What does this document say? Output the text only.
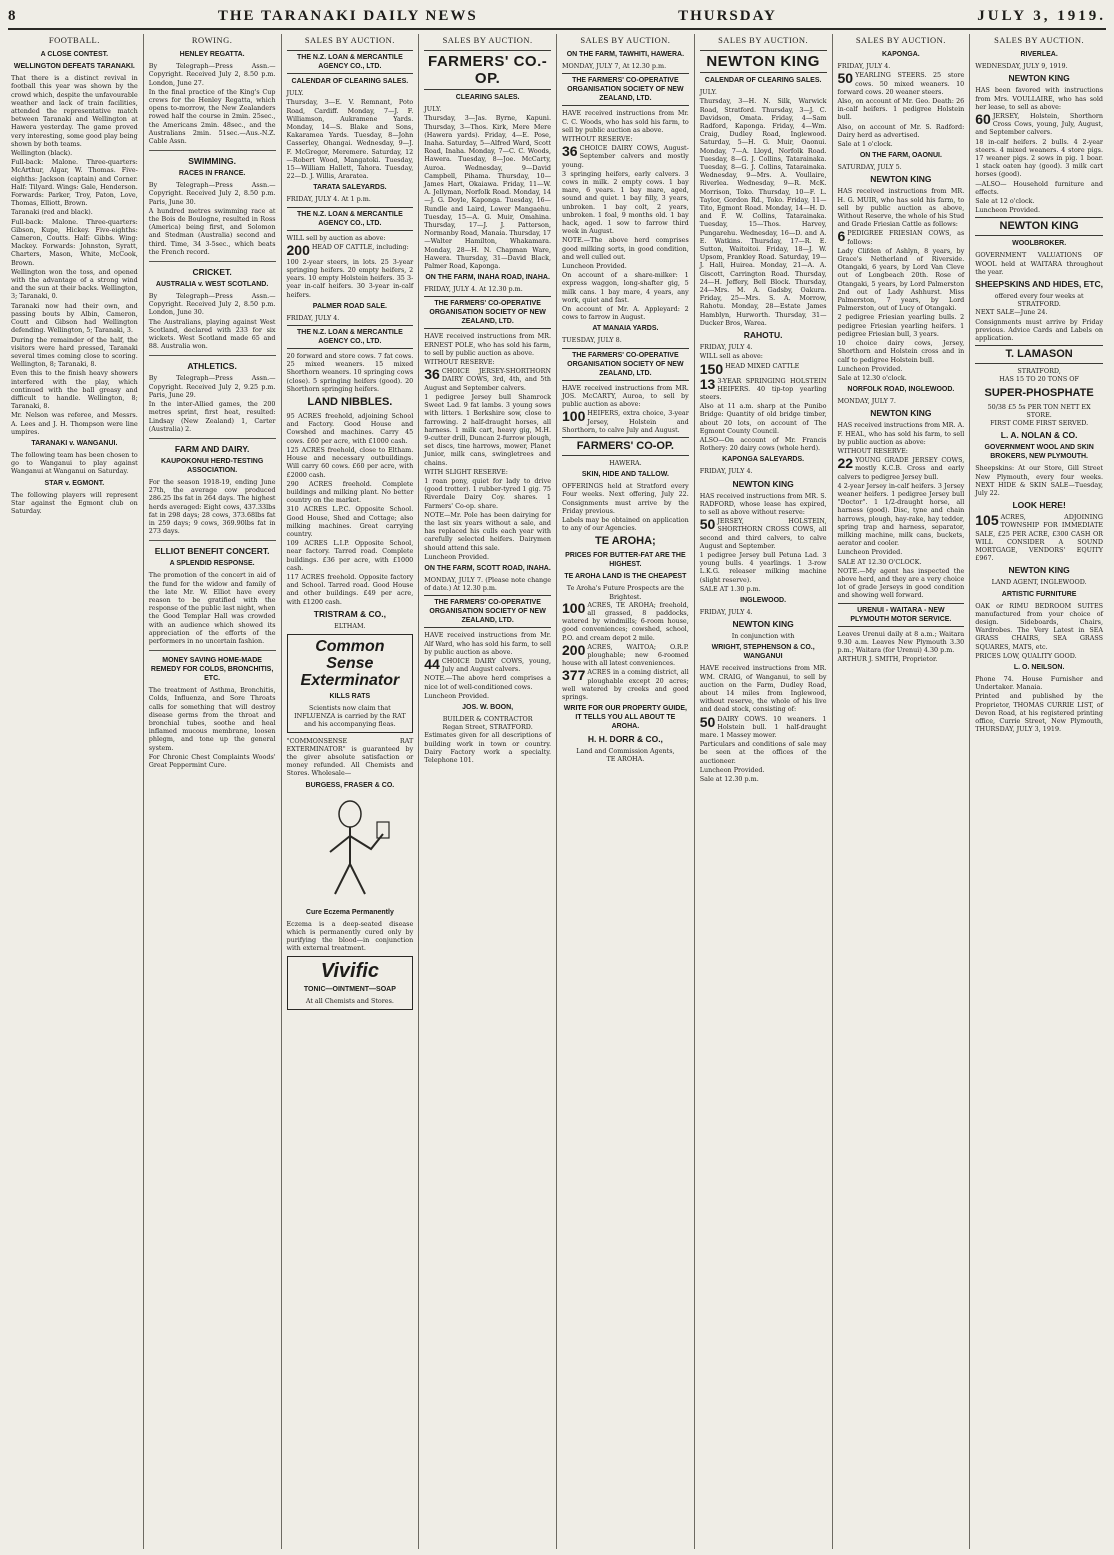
8	THE TARANAKI DAILY NEWS	THURSDAY	JULY 3, 1919.
FOOTBALL.
A CLOSE CONTEST.
WELLINGTON DEFEATS TARANAKI.

That there is a distinct revival in football this year was shown by the crowd which, despite the unfavourable weather and lack of train facilities, attended the representative match between Taranaki and Wellington at Hawera yesterday. The game proved very interesting, some good play being shown by both teams.

Wellington (black).

Full-back: Malone. Three-quarters: McArthur, Algar, W. Thomas. Five-eighths: Jackson (captain) and Corner. Half: Tilyard. Wings: Gale, Henderson. Forwards: Parker, Troy, Paton, Love, Thomas, Elliott, Brown.

Taranaki (red and black).

Full-back: Malone. Three-quarters: Gibson, Kupe, Hickey. Five-eighths: Cameron, Coutts. Half: Gibbs. Wing: Mackey. Forwards: Johnston, Syratt, Charters, Mason, White, McCook, Brown.

Wellington won the toss, and opened with the advantage of a strong wind and the sun at their backs. Wellington, 3; Taranaki, 0.

Taranaki now had their own, and passing bouts by Albin, Cameron, Coutt and Gibson had Wellington defending. Wellington, 5; Taranaki, 3.

During the remainder of the half, the visitors were hard pressed, Taranaki several times coming close to scoring. Wellington, 8; Taranaki, 8.

Even this to the finish heavy showers interfered with the play, which continued with the ball greasy and difficult to handle. Wellington, 8; Taranaki, 8.

Mr. Nelson was referee, and Messrs. A. Lees and J. H. Thompson were line umpires.

TARANAKI v. WANGANUI.

The following team has been chosen to go to Wanganui to play against Wanganui at Wanganui on Saturday.

STAR v. EGMONT.

The following players will represent Star against the Egmont club on Saturday.

ROWING.
HENLEY REGATTA.

By Telegraph—Press Assn.—Copyright. Received July 2, 8.50 p.m. London, June 27.

In the final practice of the King's Cup crews for the Henley Regatta, which opens to-morrow, the New Zealanders rowed half the course in 2min. 25sec., the Americans 2min. 48sec., and the Australians 2min. 51sec.—Aus.-N.Z. Cable Assn.

SWIMMING.
RACES IN FRANCE.

By Telegraph—Press Assn.—Copyright. Received July 2, 8.50 p.m. Paris, June 30.

A hundred metres swimming race at the Bois de Boulogne, resulted in Ross (America) being first, and Solomon and Stedman (Australia) second and third. Time, 34 3-5sec., which beats the French record.

CRICKET.
AUSTRALIA v. WEST SCOTLAND.

By Telegraph—Press Assn.—Copyright. Received July 2, 8.50 p.m. London, June 30.

The Australians, playing against West Scotland, declared with 233 for six wickets. West Scotland made 65 and 88. Australia won.

ATHLETICS.

By Telegraph—Press Assn.—Copyright. Received July 2, 9.25 p.m. Paris, June 29.

In the inter-Allied games, the 200 metres sprint, first heat, resulted: Lindsay (New Zealand) 1, Carter (Australia) 2.

FARM AND DAIRY.
KAUPOKONUI HERD-TESTING ASSOCIATION.

For the season 1918-19, ending June 27th, the average cow produced 286.25 lbs fat in 264 days. The highest herds averaged: Eight cows, 437.33lbs fat in 298 days; 28 cows, 373.68lbs fat in 259 days; 9 cows, 369.90lbs fat in 273 days.

ELLIOT BENEFIT CONCERT.
A SPLENDID RESPONSE.

The promotion of the concert in aid of the fund for the widow and family of the late Mr. W. Elliot have every reason to be gratified with the response of the public last night, when the Good Templar Hall was crowded with an audience which showed its appreciation of the efforts of the performers in no uncertain fashion.

MONEY SAVING HOME-MADE REMEDY FOR COLDS, BRONCHITIS, ETC.

The treatment of Asthma, Bronchitis, Colds, Influenza, and Sore Throats calls for something that will destroy disease germs from the throat and bronchial tubes, soothe and heal inflamed mucous membrane, loosen phlegm, and tone up the general system.

For Chronic Chest Complaints Woods' Great Peppermint Cure.

SALES BY AUCTION.
THE N.Z. LOAN & MERCANTILE AGENCY CO., LTD.
CALENDAR OF CLEARING SALES.

JULY.

Thursday, 3—E. V. Remnant, Poto Road, Cardiff. Monday, 7—J. F. Williamson, Aukramene Yards. Monday, 14—S. Blake and Sons, Kakaramea Yards. Tuesday, 8—John Casserley, Ohangai. Wednesday, 9—J. F. McGregor, Meremere. Saturday, 12—Robert Wood, Mangatoki. Tuesday, 15—William Hallett, Tahora. Tuesday, 22—D. J. Willis, Araratea.

TARATA SALEYARDS.

FRIDAY, JULY 4. At 1 p.m.

THE N.Z. LOAN & MERCANTILE AGENCY CO., LTD.

WILL sell by auction as above:

200 HEAD OF CATTLE, including:

100 2-year steers, in lots. 25 3-year springing heifers. 20 empty heifers, 2 years. 10 empty Holstein heifers. 35 3-year in-calf heifers. 30 3-year in-calf heifers.

PALMER ROAD SALE.

FRIDAY, JULY 4.

THE N.Z. LOAN & MERCANTILE AGENCY CO., LTD.

20 forward and store cows. 7 fat cows. 25 mixed weaners. 15 mixed Shorthorn weaners. 10 springing cows (close). 5 springing heifers (good). 20 Shorthorn springing heifers.

LAND NIBBLES.

95 ACRES freehold, adjoining School and Factory. Good House and Cowshed and machines. Carry 45 cows. £60 per acre, with £1000 cash.

125 ACRES freehold, close to Eltham. House and necessary outbuildings. Will carry 60 cows. £60 per acre, with £2000 cash.

290 ACRES freehold. Complete buildings and milking plant. No better country on the market.

310 ACRES L.P.C. Opposite School. Good House, Shed and Cottage; also milking machines. Great carrying country.

109 ACRES L.I.P. Opposite School, near factory. Tarred road. Complete buildings. £36 per acre, with £1000 cash.

117 ACRES freehold. Opposite factory and School. Tarred road. Good House and other buildings. £49 per acre, with £1200 cash.

TRISTRAM & CO.,

ELTHAM.

Common Sense Exterminator
KILLS RATS

Scientists now claim that INFLUENZA is carried by the RAT and his accompanying fleas.

"COMMONSENSE RAT EXTERMINATOR" is guaranteed by the giver absolute satisfaction or money refunded. All Chemists and Stores. Wholesale—

BURGESS, FRASER & CO.
Cure Eczema Permanently

Eczema is a deep-seated disease which is permanently cured only by purifying the blood—in conjunction with external treatment.

Vivific
TONIC—OINTMENT—SOAP

At all Chemists and Stores.

SALES BY AUCTION.
FARMERS' CO.-OP.
CLEARING SALES.

JULY.

Thursday, 3—Jas. Byrne, Kapuni. Thursday, 3—Thos. Kirk, Mere Mere (Hawera yards). Friday, 4—E. Pose, Inaha. Saturday, 5—Alfred Ward, Scott Road, Inaha. Monday, 7—C. C. Woods, Hawera. Tuesday, 8—Joe. McCarty, Auroa. Wednesday, 9—David Campbell, Pihama. Thursday, 10—James Hart, Okaiawa. Friday, 11—W. A. Jellyman, Norfolk Road. Monday, 14—J. G. Doyle, Kaponga. Tuesday, 16—Rundle and Laird, Lower Mangaehu. Tuesday, 15—A. G. Muir, Omahina. Thursday, 17—J. J. Patterson, Normanby Road, Manaia. Thursday, 17—Walter Hamilton, Whakamara. Monday, 28—H. N. Chapman Ware, Hawera. Thursday, 31—David Black, Palmer Road, Kaponga.

ON THE FARM, INAHA ROAD, INAHA.

FRIDAY, JULY 4. At 12.30 p.m.

THE FARMERS' CO-OPERATIVE ORGANISATION SOCIETY OF NEW ZEALAND, LTD.

HAVE received instructions from MR. ERNEST POLE, who has sold his farm, to sell by public auction as above.

WITHOUT RESERVE:

36 CHOICE JERSEY-SHORTHORN DAIRY COWS, 3rd, 4th, and 5th August and September calvers.

1 pedigree Jersey bull Shamrock Sweet Lad. 9 fat lambs. 3 young sows with litters. 1 Berkshire sow, close to farrowing. 2 half-draught horses, all harness. 1 milk cart, heavy gig, M.H. 9-cutter drill, Duncan 2-furrow plough, set discs, tine harrows, mower, Planet Junior, milk cans, swingletrees and chains.

WITH SLIGHT RESERVE:

1 roan pony, quiet for lady to drive (good trotter). 1 rubber-tyred 1 gig. 75 Riverdale Dairy Coy. shares. 1 Farmers' Co-op. share.

NOTE—Mr. Pole has been dairying for the last six years without a sale, and has replaced his culls each year with carefully selected heifers. Dairymen should attend this sale.

Luncheon Provided.

ON THE FARM, SCOTT ROAD, INAHA.

MONDAY, JULY 7. (Please note change of date.) At 12.30 p.m.

THE FARMERS' CO-OPERATIVE ORGANISATION SOCIETY OF NEW ZEALAND, LTD.

HAVE received instructions from Mr. Alf Ward, who has sold his farm, to sell by public auction as above.

44 CHOICE DAIRY COWS, young, July and August calvers.

NOTE.—The above herd comprises a nice lot of well-conditioned cows.

Luncheon Provided.

JOS. W. BOON,

BUILDER & CONTRACTOR

Regan Street, STRATFORD.

Estimates given for all descriptions of building work in town or country. Dairy Factory work a specialty. Telephone 101.

SALES BY AUCTION.
ON THE FARM, TAWHITI, HAWERA.

MONDAY, JULY 7, At 12.30 p.m.

THE FARMERS' CO-OPERATIVE ORGANISATION SOCIETY OF NEW ZEALAND, LTD.

HAVE received instructions from Mr. C. C. Woods, who has sold his farm, to sell by public auction as above.

WITHOUT RESERVE:

36 CHOICE DAIRY COWS, August-September calvers and mostly young.

3 springing heifers, early calvers. 3 cows in milk. 2 empty cows. 1 bay mare, 6 years. 1 bay mare, aged, sound and quiet. 1 bay filly, 3 years, unbroken. 1 bay colt, 2 years, unbroken. 1 foal, 9 months old. 1 bay hack, aged. 1 sow to farrow third week in August.

NOTE.—The above herd comprises good milking sorts, in good condition, and well culled out.

Luncheon Provided.

On account of a share-milker: 1 express waggon, long-shafter gig, 5 milk cans. 1 bay mare, 4 years, any work, quiet and fast.

On account of Mr. A. Appleyard: 2 cows to farrow in August.

AT MANAIA YARDS.

TUESDAY, JULY 8.

THE FARMERS' CO-OPERATIVE ORGANISATION SOCIETY OF NEW ZEALAND, LTD.

HAVE received instructions from MR. JOS. McCARTY, Auroa, to sell by public auction as above:

100 HEIFERS, extra choice, 3-year Jersey, Holstein and Shorthorn, to calve July and August.
FARMERS' CO-OP.

HAWERA.

SKIN, HIDE AND TALLOW.

OFFERINGS held at Stratford every Four weeks. Next offering, July 22. Consignments must arrive by the Friday previous.

Labels may be obtained on application to any of our Agencies.

TE AROHA;
PRICES FOR BUTTER-FAT ARE THE HIGHEST.
TE AROHA LAND IS THE CHEAPEST

Te Aroha's Future Prospects are the Brightest.

100 ACRES, TE AROHA; freehold, all grassed, 8 paddocks, watered by windmills; 6-room house, good conveniences; cowshed, school, P.O. and cream depot 2 mile.
200 ACRES, WAITOA; O.R.P. ploughable; new 6-roomed house with all latest conveniences.
377 ACRES in a coming district, all ploughable except 20 acres; well watered by creeks and good springs.
WRITE FOR OUR PROPERTY GUIDE, IT TELLS YOU ALL ABOUT TE AROHA.
H. H. DORR & CO.,

Land and Commission Agents,

TE AROHA.

SALES BY AUCTION.
NEWTON KING
CALENDAR OF CLEARING SALES.

JULY.

Thursday, 3—H. N. Silk, Warwick Road, Stratford. Thursday, 3—J. C. Davidson, Omata. Friday, 4—Sam Radford, Kaponga. Friday, 4—Wm. Craig, Dudley Road, Inglewood. Saturday, 5—H. G. Muir, Oaonui. Monday, 7—A. Lloyd, Norfolk Road. Tuesday, 8—G. J. Collins, Tatarainaka. Tuesday, 8—G. J. Collins, Tatarainaka. Wednesday, 9—Mrs. A. Voullaire, Riverlea. Wednesday, 9—R. McK. Morrison, Toko. Thursday, 10—F. L. Taylor, Gordon Rd., Toko. Friday, 11—Tito, Egmont Road. Monday, 14—H. D. and F. W. Collins, Tatarainaka. Tuesday, 15—Thos. Harvey, Pungarehu. Wednesday, 16—D. and A. E. Watkins. Thursday, 17—R. E. Sutton, Waitoitoi. Friday, 18—J. W. Upsom, Frankley Road. Saturday, 19—J. Hall, Huirea. Monday, 21—A. A. Giscott, Carrington Road. Thursday, 24—H. Jeffery, Bell Block. Thursday, 24—Mrs. M. A. Gadsby, Oakura. Friday, 25—Mrs. S. A. Morrow, Rahotu. Monday, 28—Estate James Hamblyn, Hurworth. Thursday, 31—Ducker Bros, Warea.

RAHOTU.

FRIDAY, JULY 4.

WILL sell as above:

150 HEAD MIXED CATTLE
13 3-YEAR SPRINGING HOLSTEIN HEIFERS. 40 tip-top yearling steers.

Also at 11 a.m. sharp at the Punibo Bridge: Quantity of old bridge timber, about 20 lots, on account of The Egmont County Council.

ALSO—On account of Mr. Francis Rothery: 20 dairy cows (whole herd).

KAPONGA SALEYARDS.

FRIDAY, JULY 4.

NEWTON KING

HAS received instructions from MR. S. RADFORD, whose lease has expired, to sell as above without reserve:

50 JERSEY, HOLSTEIN, SHORTHORN CROSS COWS, all second and third calvers, to calve August and September.

1 pedigree Jersey bull Petuna Lad. 3 young bulls. 4 yearlings. 1 3-row L.K.G. releaser milking machine (slight reserve).

SALE AT 1.30 p.m.

INGLEWOOD.

FRIDAY, JULY 4.

NEWTON KING

In conjunction with

WRIGHT, STEPHENSON & CO., WANGANUI

HAVE received instructions from MR. WM. CRAIG, of Wanganui, to sell by auction on the Farm, Dudley Road, about 14 miles from Inglewood, without reserve, the whole of his live and dead stock, consisting of:

50 DAIRY COWS. 10 weaners. 1 Holstein bull. 1 half-draught mare. 1 Massey mower.

Particulars and conditions of sale may be seen at the offices of the auctioneer.

Luncheon Provided.

Sale at 12.30 p.m.

SALES BY AUCTION.
KAPONGA.

FRIDAY, JULY 4.

50 YEARLING STEERS. 25 store cows. 50 mixed weaners. 10 forward cows. 20 weaner steers.

Also, on account of Mr. Geo. Death: 26 in-calf heifers. 1 pedigree Holstein bull.

Also, on account of Mr. S. Radford: Dairy herd as advertised.

Sale at 1 o'clock.

ON THE FARM, OAONUI.

SATURDAY, JULY 5.

NEWTON KING

HAS received instructions from MR. H. G. MUIR, who has sold his farm, to sell by public auction as above, Without Reserve, the whole of his Stud and Grade Friesian Cattle as follows:

6 PEDIGREE FRIESIAN COWS, as follows:

Lady Clifden of Ashlyn, 8 years, by Grace's Netherland of Riverside. Otangaki, 6 years, by Lord Van Cleve out of Longbeach 20th. Rose of Otangaki, 5 years, by Lord Palmerston 2nd out of Lady Ashhurst. Miss Palmerston, 7 years, by Lord Palmerston, out of Lucy of Otangaki.

2 pedigree Friesian yearling bulls. 2 pedigree Friesian yearling heifers. 1 pedigree Friesian bull, 3 years.

10 choice dairy cows, Jersey, Shorthorn and Holstein cross and in calf to pedigree Holstein bull.

Luncheon Provided.

Sale at 12.30 o'clock.

NORFOLK ROAD, INGLEWOOD.

MONDAY, JULY 7.

NEWTON KING

HAS received instructions from MR. A. F. HEAL, who has sold his farm, to sell by public auction as above:

WITHOUT RESERVE:

22 YOUNG GRADE JERSEY COWS, mostly K.C.B. Cross and early calvers to pedigree Jersey bull.

4 2-year Jersey in-calf heifers. 3 Jersey weaner heifers. 1 pedigree Jersey bull "Doctor". 1 1/2-draught horse, all harness (good). Disc, tyne and chain harrows, plough, hay-rake, hay tedder, spring trap and harness, separator, milking machine, milk cans, buckets, aerator and cooler.

Luncheon Provided.

SALE AT 12.30 O'CLOCK.

NOTE.—My agent has inspected the above herd, and they are a very choice lot of grade Jerseys in good condition and showing well forward.

URENUI - WAITARA - NEW PLYMOUTH MOTOR SERVICE.

Leaves Urenui daily at 8 a.m.; Waitara 9.30 a.m. Leaves New Plymouth 3.30 p.m.; Waitara (for Urenui) 4.30 p.m.

ARTHUR J. SMITH, Proprietor.

SALES BY AUCTION.
RIVERLEA.

WEDNESDAY, JULY 9, 1919.

NEWTON KING

HAS been favored with instructions from Mrs. VOULLAIRE, who has sold her lease, to sell as above:

60 JERSEY, Holstein, Shorthorn Cross Cows, young, July, August, and September calvers.

18 in-calf heifers. 2 bulls. 4 2-year steers. 4 mixed weaners. 4 store pigs. 17 weaner pigs. 2 sows in pig. 1 boar. 1 stack oaten hay (good). 3 milk cart horses (good).

—ALSO— Household furniture and effects.

Sale at 12 o'clock.

Luncheon Provided.

NEWTON KING
WOOLBROKER.

GOVERNMENT VALUATIONS OF WOOL held at WAITARA throughout the year.

SHEEPSKINS AND HIDES, ETC,

offered every four weeks at STRATFORD.

NEXT SALE—June 24.

Consignments must arrive by Friday previous. Advice Cards and Labels on application.

T. LAMASON

STRATFORD,

HAS 15 TO 20 TONS OF

SUPER-PHOSPHATE

50/38 £5 5s PER TON NETT EX STORE.

FIRST COME FIRST SERVED.

L. A. NOLAN & CO.
GOVERNMENT WOOL AND SKIN BROKERS, NEW PLYMOUTH.

Sheepskins: At our Store, Gill Street New Plymouth, every four weeks. NEXT HIDE & SKIN SALE—Tuesday, July 22.

LOOK HERE!
105 ACRES, ADJOINING TOWNSHIP FOR IMMEDIATE SALE, £25 PER ACRE, £300 CASH OR WILL CONSIDER A SOUND MORTGAGE, VENDORS' EQUITY £967.
NEWTON KING

LAND AGENT, INGLEWOOD.

ARTISTIC FURNITURE

OAK or RIMU BEDROOM SUITES manufactured from your choice of design. Sideboards, Chairs, Wardrobes. The Very Latest in SEA GRASS CHAIRS, SEA GRASS SQUARES, MATS, etc.

PRICES LOW, QUALITY GOOD.

L. O. NEILSON.

Phone 74. House Furnisher and Undertaker. Manaia.

Printed and published by the Proprietor, THOMAS CURRIE LIST, of Devon Road, at his registered printing office, Currie Street, New Plymouth, THURSDAY, JULY 3, 1919.
